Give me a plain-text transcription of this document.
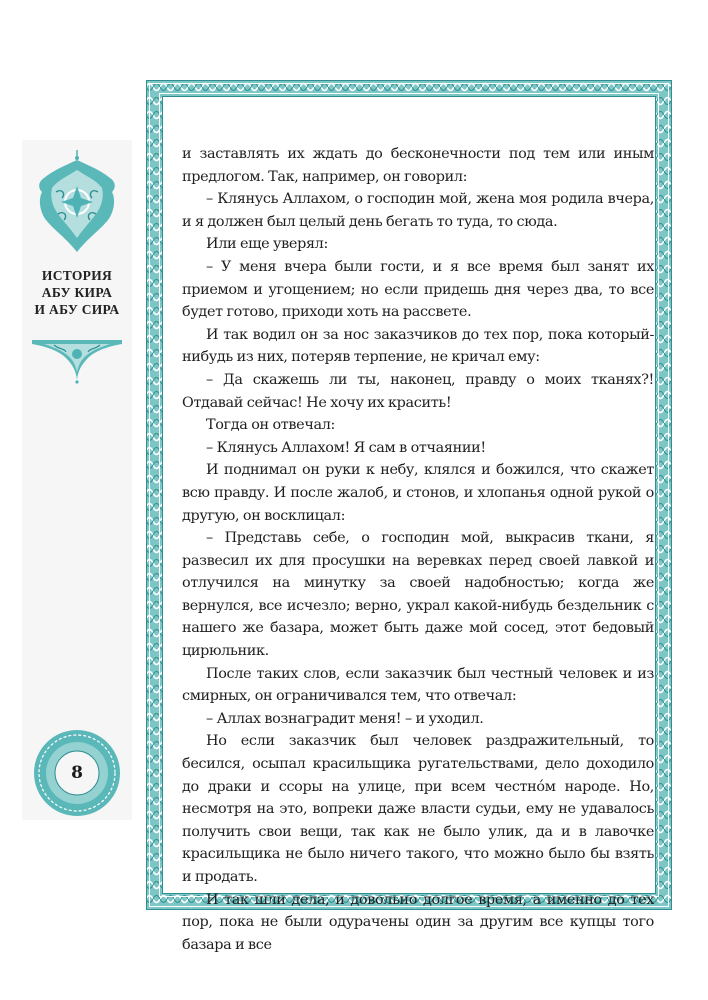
ИСТОРИЯ
АБУ КИРА
И АБУ СИРА
8

и заставлять их ждать до бесконечности под тем или иным предлогом. Так, например, он говорил:

– Клянусь Аллахом, о господин мой, жена моя родила вчера, и я должен был целый день бегать то туда, то сюда.

Или еще уверял:

– У меня вчера были гости, и я все время был занят их приемом и угощением; но если придешь дня через два, то все будет готово, приходи хоть на рассвете.

И так водил он за нос заказчиков до тех пор, пока который-нибудь из них, потеряв терпение, не кричал ему:

– Да скажешь ли ты, наконец, правду о моих тканях?! Отдавай сейчас! Не хочу их красить!

Тогда он отвечал:

– Клянусь Аллахом! Я сам в отчаянии!

И поднимал он руки к небу, клялся и божился, что скажет всю правду. И после жалоб, и стонов, и хлопанья одной рукой о другую, он восклицал:

– Представь себе, о господин мой, выкрасив ткани, я развесил их для просушки на веревках перед своей лавкой и отлучился на минутку за своей надобностью; когда же вернулся, все исчезло; верно, украл какой-нибудь бездельник с нашего же базара, может быть даже мой сосед, этот бедовый цирюльник.

После таких слов, если заказчик был честный человек и из смирных, он ограничивался тем, что отвечал:

– Аллах вознаградит меня! – и уходил.

Но если заказчик был человек раздражительный, то бесился, осыпал красильщика ругательствами, дело доходило до драки и ссоры на улице, при всем честнóм народе. Но, несмотря на это, вопреки даже власти судьи, ему не удавалось получить свои вещи, так как не было улик, да и в лавочке красильщика не было ничего такого, что можно было бы взять и продать.

И так шли дела, и довольно долгое время, а именно до тех пор, пока не были одурачены один за другим все купцы того базара и все
